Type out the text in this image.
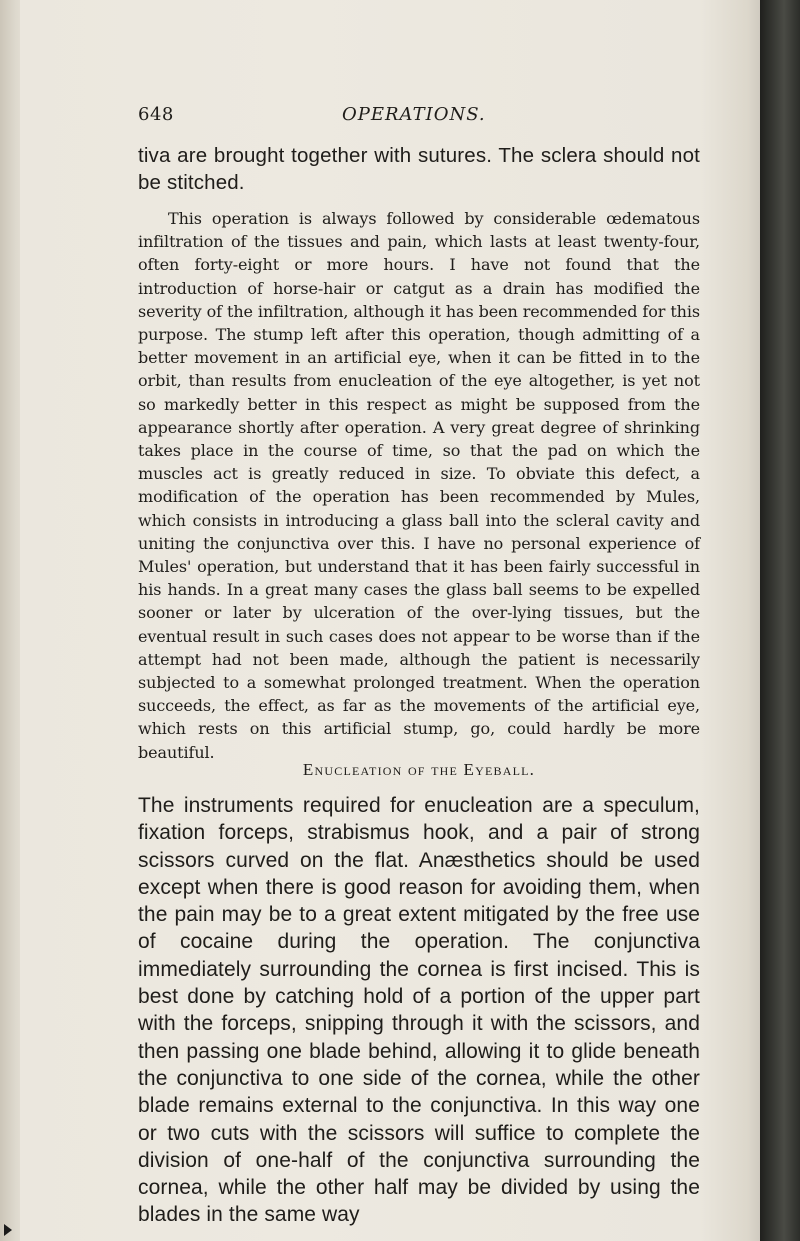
648	OPERATIONS.
tiva are brought together with sutures. The sclera should not be stitched.
This operation is always followed by considerable œdematous infiltration of the tissues and pain, which lasts at least twenty-four, often forty-eight or more hours. I have not found that the introduction of horse-hair or catgut as a drain has modified the severity of the infiltration, although it has been recommended for this purpose. The stump left after this operation, though admitting of a better movement in an artificial eye, when it can be fitted in to the orbit, than results from enucleation of the eye altogether, is yet not so markedly better in this respect as might be supposed from the appearance shortly after operation. A very great degree of shrinking takes place in the course of time, so that the pad on which the muscles act is greatly reduced in size. To obviate this defect, a modification of the operation has been recommended by Mules, which consists in introducing a glass ball into the scleral cavity and uniting the conjunctiva over this. I have no personal experience of Mules' operation, but understand that it has been fairly successful in his hands. In a great many cases the glass ball seems to be expelled sooner or later by ulceration of the over-lying tissues, but the eventual result in such cases does not appear to be worse than if the attempt had not been made, although the patient is necessarily subjected to a somewhat prolonged treatment. When the operation succeeds, the effect, as far as the movements of the artificial eye, which rests on this artificial stump, go, could hardly be more beautiful.
Enucleation of the Eyeball.
The instruments required for enucleation are a speculum, fixation forceps, strabismus hook, and a pair of strong scissors curved on the flat. Anæsthetics should be used except when there is good reason for avoiding them, when the pain may be to a great extent mitigated by the free use of cocaine during the operation. The conjunctiva immediately surrounding the cornea is first incised. This is best done by catching hold of a portion of the upper part with the forceps, snipping through it with the scissors, and then passing one blade behind, allowing it to glide beneath the conjunctiva to one side of the cornea, while the other blade remains external to the conjunctiva. In this way one or two cuts with the scissors will suffice to complete the division of one-half of the conjunctiva surrounding the cornea, while the other half may be divided by using the blades in the same way
